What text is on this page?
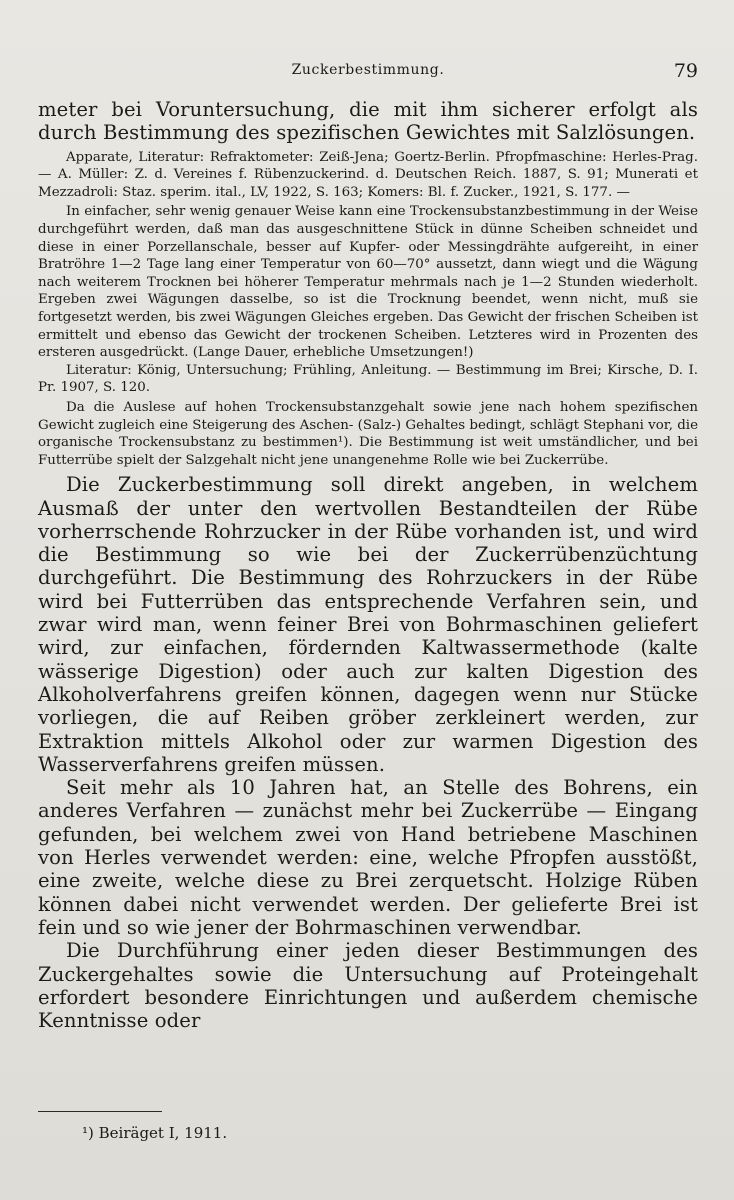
Zuckerbestimmung.	79

meter bei Voruntersuchung, die mit ihm sicherer erfolgt als durch Bestimmung des spezifischen Gewichtes mit Salzlösungen.

Apparate, Literatur: Refraktometer: Zeiß-Jena; Goertz-Berlin. Pfropfmaschine: Herles-Prag. — A. Müller: Z. d. Vereines f. Rübenzuckerind. d. Deutschen Reich. 1887, S. 91; Munerati et Mezzadroli: Staz. sperim. ital., LV, 1922, S. 163; Komers: Bl. f. Zucker., 1921, S. 177. —

In einfacher, sehr wenig genauer Weise kann eine Trockensubstanzbestimmung in der Weise durchgeführt werden, daß man das ausgeschnittene Stück in dünne Scheiben schneidet und diese in einer Porzellanschale, besser auf Kupfer- oder Messingdrähte aufgereiht, in einer Bratröhre 1—2 Tage lang einer Temperatur von 60—70° aussetzt, dann wiegt und die Wägung nach weiterem Trocknen bei höherer Temperatur mehrmals nach je 1—2 Stunden wiederholt. Ergeben zwei Wägungen dasselbe, so ist die Trocknung beendet, wenn nicht, muß sie fortgesetzt werden, bis zwei Wägungen Gleiches ergeben. Das Gewicht der frischen Scheiben ist ermittelt und ebenso das Gewicht der trockenen Scheiben. Letzteres wird in Prozenten des ersteren ausgedrückt. (Lange Dauer, erhebliche Umsetzungen!)

Literatur: König, Untersuchung; Frühling, Anleitung. — Bestimmung im Brei; Kirsche, D. I. Pr. 1907, S. 120.

Da die Auslese auf hohen Trockensubstanzgehalt sowie jene nach hohem spezifischen Gewicht zugleich eine Steigerung des Aschen- (Salz-) Gehaltes bedingt, schlägt Stephani vor, die organische Trockensubstanz zu bestimmen¹). Die Bestimmung ist weit umständlicher, und bei Futterrübe spielt der Salzgehalt nicht jene unangenehme Rolle wie bei Zuckerrübe.

Die Zuckerbestimmung soll direkt angeben, in welchem Ausmaß der unter den wertvollen Bestandteilen der Rübe vorherrschende Rohrzucker in der Rübe vorhanden ist, und wird die Bestimmung so wie bei der Zuckerrübenzüchtung durchgeführt. Die Bestimmung des Rohrzuckers in der Rübe wird bei Futterrüben das entsprechende Verfahren sein, und zwar wird man, wenn feiner Brei von Bohrmaschinen geliefert wird, zur einfachen, fördernden Kaltwassermethode (kalte wässerige Digestion) oder auch zur kalten Digestion des Alkoholverfahrens greifen können, dagegen wenn nur Stücke vorliegen, die auf Reiben gröber zerkleinert werden, zur Extraktion mittels Alkohol oder zur warmen Digestion des Wasserverfahrens greifen müssen.

Seit mehr als 10 Jahren hat, an Stelle des Bohrens, ein anderes Verfahren — zunächst mehr bei Zuckerrübe — Eingang gefunden, bei welchem zwei von Hand betriebene Maschinen von Herles verwendet werden: eine, welche Pfropfen ausstößt, eine zweite, welche diese zu Brei zerquetscht. Holzige Rüben können dabei nicht verwendet werden. Der gelieferte Brei ist fein und so wie jener der Bohrmaschinen verwendbar.

Die Durchführung einer jeden dieser Bestimmungen des Zuckergehaltes sowie die Untersuchung auf Proteingehalt erfordert besondere Einrichtungen und außerdem chemische Kenntnisse oder

¹) Beiräget I, 1911.
